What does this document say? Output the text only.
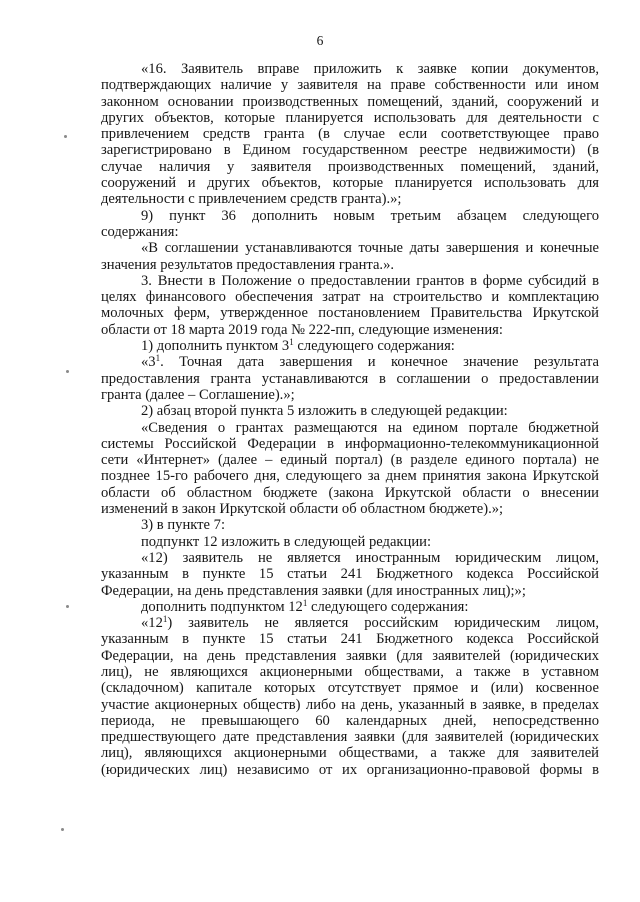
6

«16. Заявитель вправе приложить к заявке копии документов,

подтверждающих наличие у заявителя на праве собственности или ином

законном основании производственных помещений, зданий, сооружений и

других объектов, которые планируется использовать для деятельности с

привлечением средств гранта (в случае если соответствующее право

зарегистрировано в Едином государственном реестре недвижимости) (в

случае наличия у заявителя производственных помещений, зданий,

сооружений и других объектов, которые планируется использовать для

деятельности с привлечением средств гранта).»;

9) пункт 36 дополнить новым третьим абзацем следующего

содержания:

«В соглашении устанавливаются точные даты завершения и конечные

значения результатов предоставления гранта.».

3. Внести в Положение о предоставлении грантов в форме субсидий в

целях финансового обеспечения затрат на строительство и комплектацию

молочных ферм, утвержденное постановлением Правительства Иркутской

области от 18 марта 2019 года № 222-пп, следующие изменения:

1) дополнить пунктом $3^1$ следующего содержания:

«$3^1$. Точная дата завершения и конечное значение результата

предоставления гранта устанавливаются в соглашении о предоставлении

гранта (далее – Соглашение).»;

2) абзац второй пункта 5 изложить в следующей редакции:

«Сведения о грантах размещаются на едином портале бюджетной

системы Российской Федерации в информационно-телекоммуникационной

сети «Интернет» (далее – единый портал) (в разделе единого портала) не

позднее 15-го рабочего дня, следующего за днем принятия закона Иркутской

области об областном бюджете (закона Иркутской области о внесении

изменений в закон Иркутской области об областном бюджете).»;

3) в пункте 7:

подпункт 12 изложить в следующей редакции:

«12) заявитель не является иностранным юридическим лицом,

указанным в пункте 15 статьи 241 Бюджетного кодекса Российской

Федерации, на день представления заявки (для иностранных лиц);»;

дополнить подпунктом $12^1$ следующего содержания:

«$12^1$) заявитель не является российским юридическим лицом,

указанным в пункте 15 статьи 241 Бюджетного кодекса Российской

Федерации, на день представления заявки (для заявителей (юридических

лиц), не являющихся акционерными обществами, а также в уставном

(складочном) капитале которых отсутствует прямое и (или) косвенное

участие акционерных обществ) либо на день, указанный в заявке, в пределах

периода, не превышающего 60 календарных дней, непосредственно

предшествующего дате представления заявки (для заявителей (юридических

лиц), являющихся акционерными обществами, а также для заявителей

(юридических лиц) независимо от их организационно-правовой формы в
